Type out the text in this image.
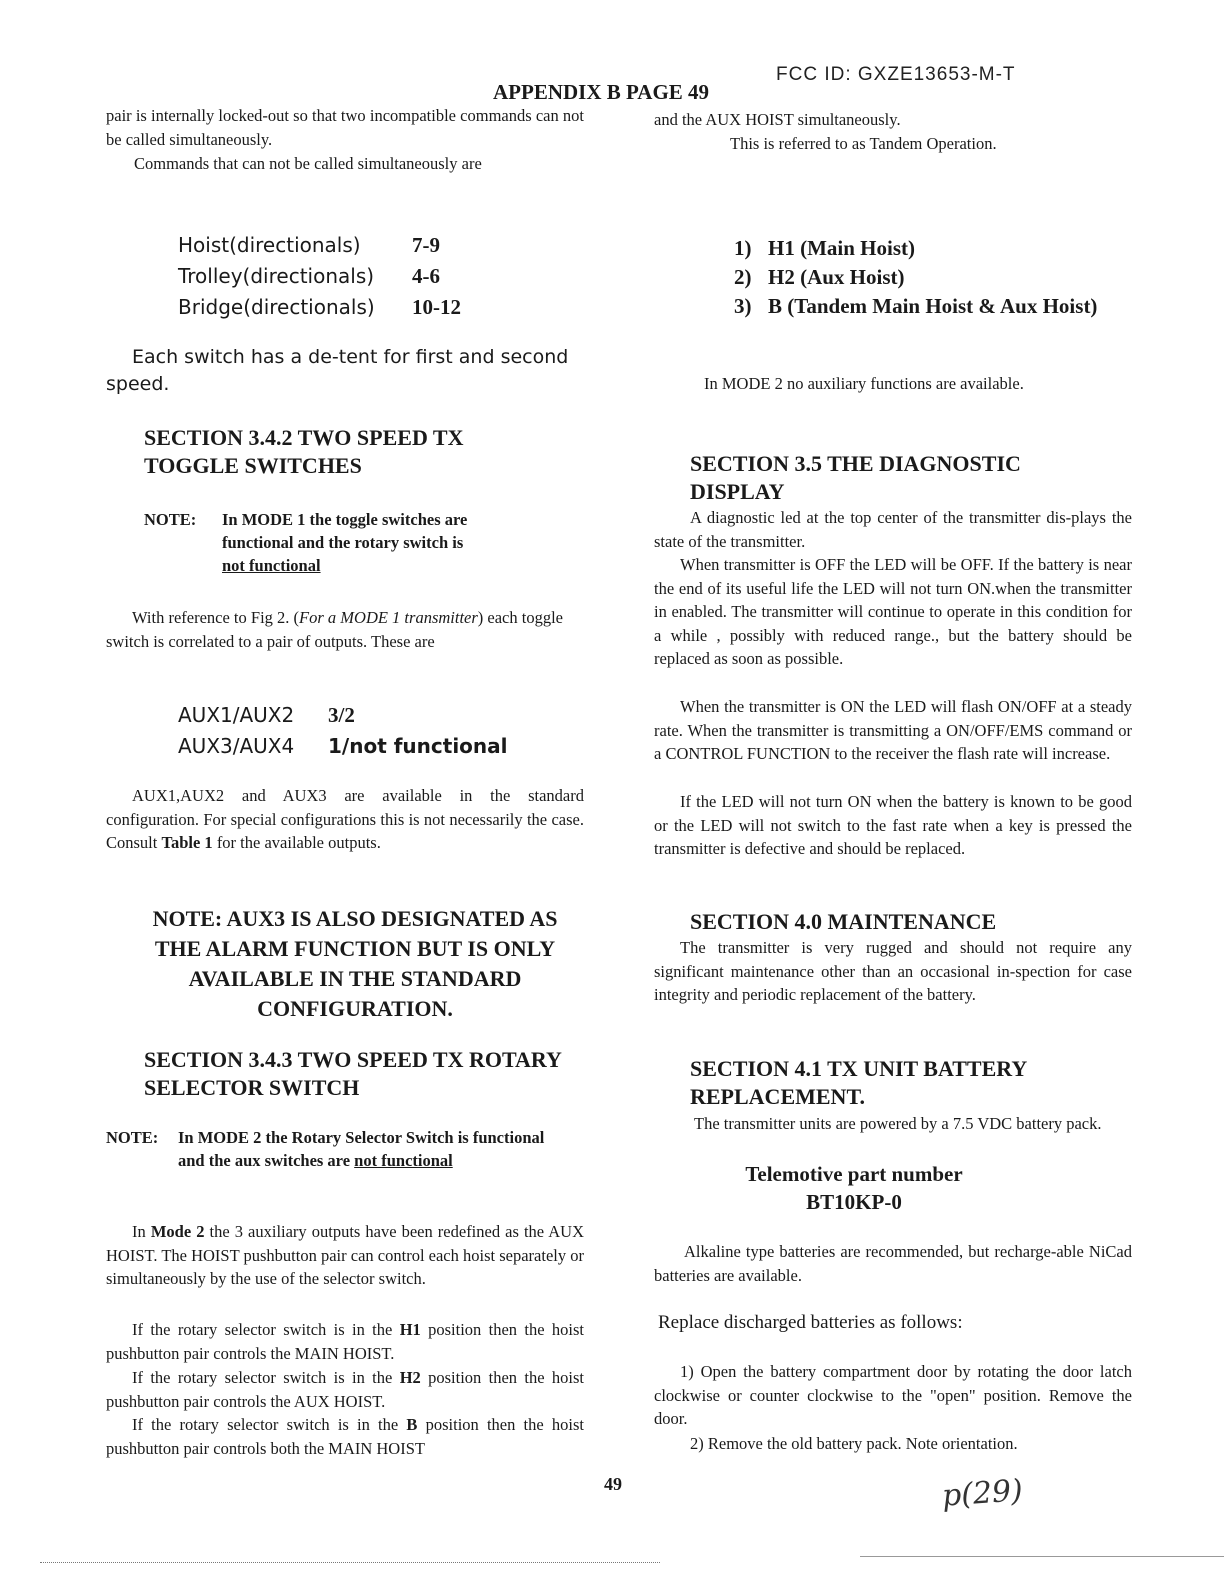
FCC ID: GXZE13653-M-T
APPENDIX B PAGE 49
pair is internally locked-out so that two incompatible commands can not be called simultaneously.
Commands that can not be called simultaneously are
Hoist(directionals) 7-9
Trolley(directionals) 4-6
Bridge(directionals) 10-12
Each switch has a de-tent for first and second speed.
SECTION 3.4.2 TWO SPEED TX TOGGLE SWITCHES
NOTE:	In MODE 1 the toggle switches are functional and the rotary switch is
not functional
With reference to Fig 2. (For a MODE 1 transmitter) each toggle switch is correlated to a pair of outputs. These are
AUX1/AUX2 3/2
AUX3/AUX4 1/not functional
AUX1,AUX2 and AUX3 are available in the standard configuration. For special configurations this is not necessarily the case. Consult Table 1 for the available outputs.
NOTE: AUX3 IS ALSO DESIGNATED AS THE ALARM FUNCTION BUT IS ONLY AVAILABLE IN THE STANDARD CONFIGURATION.
SECTION 3.4.3 TWO SPEED TX ROTARY SELECTOR SWITCH
NOTE:	In MODE 2 the Rotary Selector Switch is functional and the aux switches are not functional
In Mode 2 the 3 auxiliary outputs have been redefined as the AUX HOIST. The HOIST pushbutton pair can control each hoist separately or simultaneously by the use of the selector switch.
If the rotary selector switch is in the H1 position then the hoist pushbutton pair controls the MAIN HOIST.
If the rotary selector switch is in the H2 position then the hoist pushbutton pair controls the AUX HOIST.
If the rotary selector switch is in the B position then the hoist pushbutton pair controls both the MAIN HOIST
and the AUX HOIST simultaneously.
This is referred to as Tandem Operation.
1) H1 (Main Hoist)
2) H2 (Aux Hoist)
3) B (Tandem Main Hoist & Aux Hoist)
In MODE 2 no auxiliary functions are available.
SECTION 3.5 THE DIAGNOSTIC DISPLAY
A diagnostic led at the top center of the transmitter dis-plays the state of the transmitter.
When transmitter is OFF the LED will be OFF. If the battery is near the end of its useful life the LED will not turn ON.when the transmitter in enabled. The transmitter will continue to operate in this condition for a while , possibly with reduced range., but the battery should be replaced as soon as possible.
When the transmitter is ON the LED will flash ON/OFF at a steady rate. When the transmitter is transmitting a ON/OFF/EMS command or a CONTROL FUNCTION to the receiver the flash rate will increase.
If the LED will not turn ON when the battery is known to be good or the LED will not switch to the fast rate when a key is pressed the transmitter is defective and should be replaced.
SECTION 4.0 MAINTENANCE
The transmitter is very rugged and should not require any significant maintenance other than an occasional in-spection for case integrity and periodic replacement of the battery.
SECTION 4.1 TX UNIT BATTERY REPLACEMENT.
The transmitter units are powered by a 7.5 VDC battery pack.
Telemotive part number
BT10KP-0
Alkaline type batteries are recommended, but recharge-able NiCad batteries are available.
Replace discharged batteries as follows:
1) Open the battery compartment door by rotating the door latch clockwise or counter clockwise to the "open" position. Remove the door.
2) Remove the old battery pack. Note orientation.
49	p(29)
